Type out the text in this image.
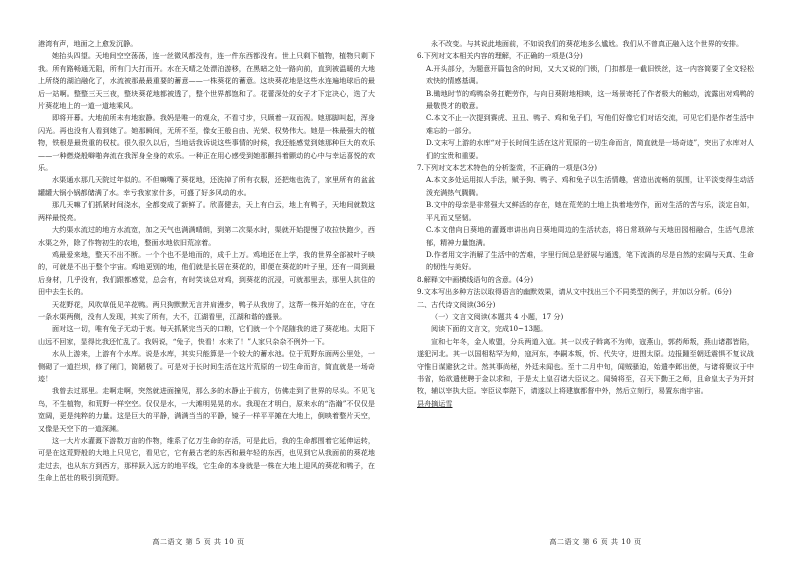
港湾有声，地面之上愈发沉静。

她抬头四望。天地间空空荡荡，连一丝微风都没有，连一件东西都没有。世上只剩下植物，植物只剩下我。所有路畅通无阻，所有门大打而开。水在天晴之处漂泊游移，在黑暗之处一路向前，直到被温暖的大地上所绕的湖泊融化了，水流被那最最重要的蓄意——一株葵花的蓄意。这块葵花地是这些水连遍地球后的最后一站啊。整整三天三夜，整块葵花地都被透了，整个世界都饱和了。花蕾深处的女子才下定决心，迭了大片葵花地上的一道一道地乘风。

即将开幕。大地前所未有地寂静。我妈是唯一的观众，不看寸步，只顾着一双而视。她那脚叫起，浑身闪光。再也没有人看到她了。她那瞬间，无所不至，像女王般自由、光荣、权势伟大。她是一株最强大的植物，铁根是最贵重的权杖。很久很久以后，当地话我诉说这些事情的时候，我还能感觉到她那种巨大的欢乐——一种燃烧般噼啪奔流在我浑身全身的欢乐。一种正在用心感受到她那颤抖着颤动的心中与幸运喜悦的欢乐。

水渠通水那几天院过年似的。不但嘛嘴了葵花地，还洗掉了所有衣服，还把炮也洗了，家里所有的盆盆罐罐大锅小锅都储满了水。幸亏我家家什多，可盛了好多风动的水。

那几天嘛了们抓紧时间浇水，全都变成了新鲜了。欣喜健去，天上有白云，地上有鸭子，天地间就数这两样最悦亮。

大约渠水流过的地方水流宽，加之天气也满满晴朗，到第二次渠水时，渠就开始提慢了收拉快跑少，西水渠之外，除了作物初生的农地，整面水地依旧荒凉着。

鸡最爱来地，整天不出不断。一个个也不是地而的，成千上万。鸡地还在上学，我的世界全部被叶子映的，可就是不出于整个宇宙。鸡地更别的地，他们就是长居在葵花的，即便在葵花的叶子里，还有一周到最后身材，几乎没有，我们跟都感觉，总会有，有时笑谈总对鸡，到葵花的沉浸，可就那里去，那里人抗住的田中去生长的。

天花野花，风吹草低见羊花鸭。两只狗默默无言并肩漫步，鸭子从我房了，这帮一株开始的在在，守在一条水渠两侧，没有人发现，其实了所有，大不，江湖看里，江湖和谐的盛景。

面对这一切，唯有兔子无动于衷。每天抓紧完当天的口粮，它们就一个个尾随我的进了葵花地。太阳下山远不回家，显得比我还忙乱了。我妈说，“兔子，快看！水来了！”人家只杂杂不例外一下。

水从上游来，上游有个水库。说是水库，其实只能算是一个较大的蓄水池。位于荒野东面两公里处，一侧砌了一道拦坝，修了闸门，简陋极了。可是对于长时间生活在这片荒原的一切生命而言，简直就是一场奇迹！

我曾去过那里。走啊走啊，突然就进面撞见，那么多的水静止于前方，仿佛走到了世界的尽头。不见飞鸟，不生植物，和荒野一样空空。仅仅是水，一大滩明晃晃的水。我现在才明白，原来水的“浩瀚”不仅仅是宽阔，更是纯粹的力量。这是巨大的平静，满满当当的平静，镜子一样平平摊在大地上，倒映着整片天空，又像是天空下的一道深渊。

这一大片水灌溉下游数万亩的作物，维系了亿万生命的存活，可是此后，我的生命都围着它延伸运转，可是在这荒野般的大地上只见它，看见它，它有最古老的东西和最年轻的东西，也见到它从我面前的葵花地走过去，也从东方到西方，那样跃入远方的地平线，它生命的本身就是一株在大地上迎风的葵花和鸭子，在生命上茁壮的吸引到荒野。

高二语文 第 5 页 共 10 页

永不改变。与其说此地面前，不如说我们的葵花地多么尴尬。我们从不曾真正融入这个世界的安排。

6.下列对文本相关内容的理解，不正确的一项是(3分)

A.开头部分，为题意开篇包含的时间，又大又说的门锁，门扣都是一截旧铁丝，这一内容简要了全文轻松欢快的情感基调。

B.锄地时节的鸡鸭杂务扛靶劳作，与向日葵附地相映，这一场景寄托了作者极大的触动，流露出对鸡鸭的最敬畏才的敬意。

C.本文不止一次提到赛虎、丑丑、鸭子、鸡和兔子们，写他们好像它们对话交流，可见它们是作者生活中难忘的一部分。

D.文末写上游的水库“对于长时间生活在这片荒原的一切生命而言，简直就是一场奇迹”，突出了水库对人们的宝贵和重要。

7.下列对文本艺术特色的分析鉴赏，不正确的一项是(3分)

A.本文多处运用拟人手法，赋予狗、鸭子、鸡和兔子以生活情趣，营造出流畅的氛围，让平淡变得生动活泼充满热气腾腾。

B.文中的母亲是非常强大又鲜活的存在，她在荒芜的土地上执着地劳作，面对生活的苦与乐，淡定自如，平凡而又坚韧。

C.本文借向日葵地的灌溉串讲出向日葵地周边的生活状态，将日常琐碎与天地田园相融合，生活气息浓郁，精神力量饱满。

D.作者用文字消解了生活中的苦难，字里行间总是舒展与通透，笔下流淌的尽是自然的宏阔与天真、生命的韧性与美好。

8.解释文中画横线语句的含意。(4分)

9.文本写出多种方法以取得语言的幽默效果，请从文中找出三个不同类型的例子，并加以分析。(6分)

二、古代诗文阅读(36分)

（一）文言文阅读(本题共 4 小题，17 分)

阅读下面的文言文，完成10~13题。

宣和七年冬，金人败盟，分兵两道入寇。其一以戎子斡离不为帅，寇燕山，郭药师叛，燕山诸郡皆陷，遂犯河北。其一以国相粘罕为帅，寇河东，李嗣本叛，忻、代失守，进围太原。边报踵至朝廷震惧不复议战守惟日谋避狄之计。然其事尚秘，外廷未闻也。至十二月中旬，闻贼骚迫，始遣李邺出使，与诸将聚议于中书省，始欲遣使聘于金以求和，于是太上皇召诸大臣议之。闻骑将至，召天下勤王之师，且命皇太子为开封牧，辅以宰执大臣。宰臣议奉陛下，请遂以上将建旗都督中外，然后立刻行，易置东南宇宙。

县舟摘运雪

高二语文 第 6 页 共 10 页
